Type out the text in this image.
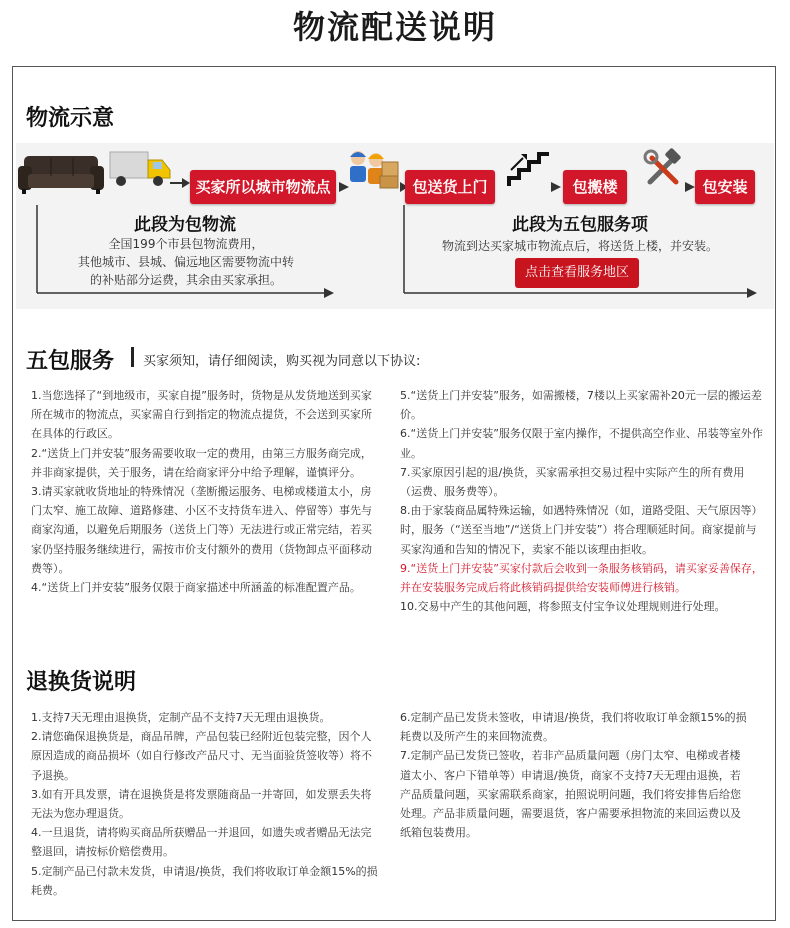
物流配送说明
物流示意
买家所以城市物流点	包送货上门	包搬楼	包安装
此段为包物流
全国199个市县包物流费用，
其他城市、县城、偏远地区需要物流中转
的补贴部分运费，其余由买家承担。
此段为五包服务项
物流到达买家城市物流点后，将送货上楼，并安装。
点击查看服务地区
五包服务 买家须知，请仔细阅读，购买视为同意以下协议:

1.当您选择了“到地级市，买家自提”服务时，货物是从发货地送到买家所在城市的物流点，买家需自行到指定的物流点提货，不会送到买家所在具体的行政区。

2.“送货上门并安装”服务需要收取一定的费用，由第三方服务商完成，并非商家提供，关于服务，请在给商家评分中给予理解，谨慎评分。

3.请买家就收货地址的特殊情况（垄断搬运服务、电梯或楼道太小，房门太窄、施工故障、道路修建、小区不支持货车进入、停留等）事先与商家沟通，以避免后期服务（送货上门等）无法进行或正常完结，若买家仍坚持服务继续进行，需按市价支付额外的费用（货物卸点平面移动费等）。

4.“送货上门并安装”服务仅限于商家描述中所涵盖的标准配置产品。

5.“送货上门并安装”服务，如需搬楼，7楼以上买家需补20元一层的搬运差价。

6.“送货上门并安装”服务仅限于室内操作，不提供高空作业、吊装等室外作业。

7.买家原因引起的退/换货，买家需承担交易过程中实际产生的所有费用（运费、服务费等）。

8.由于家装商品属特殊运输，如遇特殊情况（如，道路受阻、天气原因等）时，服务（“送至当地”/“送货上门并安装”）将合理顺延时间。商家提前与买家沟通和告知的情况下，卖家不能以该理由拒收。

9.“送货上门并安装”买家付款后会收到一条服务核销码，请买家妥善保存，并在安装服务完成后将此核销码提供给安装师傅进行核销。

10.交易中产生的其他问题，将参照支付宝争议处理规则进行处理。

退换货说明

1.支持7天无理由退换货，定制产品不支持7天无理由退换货。

2.请您确保退换货是，商品吊牌，产品包装已经附近包装完整，因个人原因造成的商品损坏（如自行修改产品尺寸、无当面验货签收等）将不予退换。

3.如有开具发票，请在退换货是将发票随商品一并寄回，如发票丢失将无法为您办理退货。

4.一旦退货，请将购买商品所获赠品一并退回，如遗失或者赠品无法完整退回，请按标价赔偿费用。

5.定制产品已付款未发货，申请退/换货，我们将收取订单金额15%的损耗费。

6.定制产品已发货未签收，申请退/换货，我们将收取订单金额15%的损耗费以及所产生的来回物流费。

7.定制产品已发货已签收，若非产品质量问题（房门太窄、电梯或者楼道太小、客户下错单等）申请退/换货，商家不支持7天无理由退换，若产品质量问题，买家需联系商家，拍照说明问题，我们将安排售后给您处理。产品非质量问题，需要退货，客户需要承担物流的来回运费以及纸箱包装费用。
